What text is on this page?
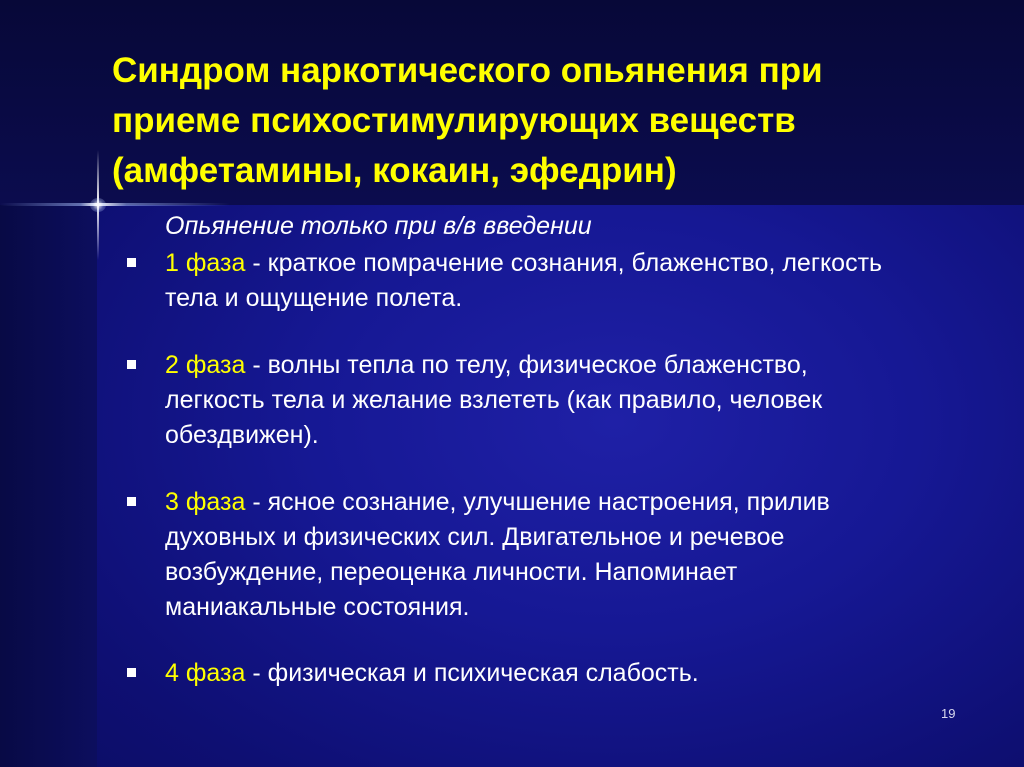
Синдром наркотического опьянения при
приеме психостимулирующих веществ
(амфетамины, кокаин, эфедрин)

Опьянение только при в/в введении

1 фаза - краткое помрачение сознания, блаженство, легкость
тела и ощущение полета.
2 фаза - волны тепла по телу, физическое блаженство,
легкость тела и желание взлететь (как правило, человек
обездвижен).
3 фаза - ясное сознание, улучшение настроения, прилив
духовных и физических сил. Двигательное и речевое
возбуждение, переоценка личности. Напоминает
маниакальные состояния.
4 фаза - физическая и психическая слабость.
19
